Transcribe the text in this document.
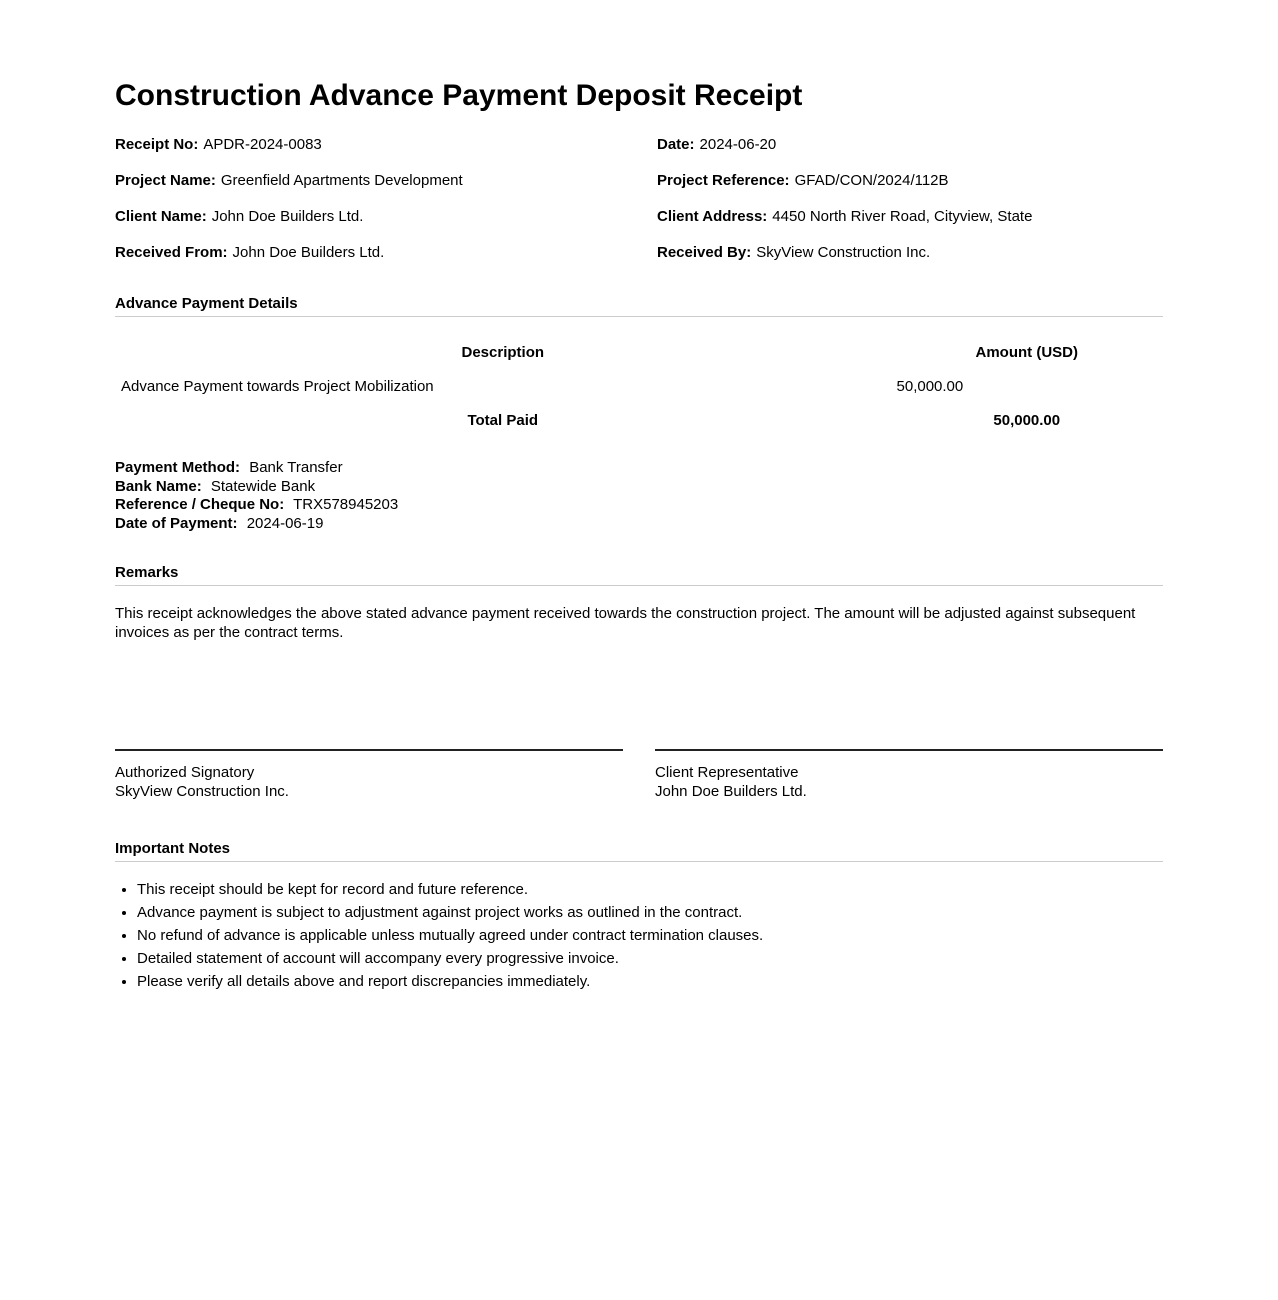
Construction Advance Payment Deposit Receipt
Receipt No: APDR-2024-0083	Date: 2024-06-20
Project Name: Greenfield Apartments Development	Project Reference: GFAD/CON/2024/112B
Client Name: John Doe Builders Ltd.	Client Address: 4450 North River Road, Cityview, State
Received From: John Doe Builders Ltd.	Received By: SkyView Construction Inc.
Advance Payment Details
Description	Amount (USD)
Advance Payment towards Project Mobilization	50,000.00
Total Paid	50,000.00
Payment Method: Bank Transfer
Bank Name: Statewide Bank
Reference / Cheque No: TRX578945203
Date of Payment: 2024-06-19
Remarks

This receipt acknowledges the above stated advance payment received towards the construction project. The amount will be adjusted against subsequent invoices as per the contract terms.

Authorized Signatory
SkyView Construction Inc.
Client Representative
John Doe Builders Ltd.
Important Notes
• This receipt should be kept for record and future reference.
• Advance payment is subject to adjustment against project works as outlined in the contract.
• No refund of advance is applicable unless mutually agreed under contract termination clauses.
• Detailed statement of account will accompany every progressive invoice.
• Please verify all details above and report discrepancies immediately.
